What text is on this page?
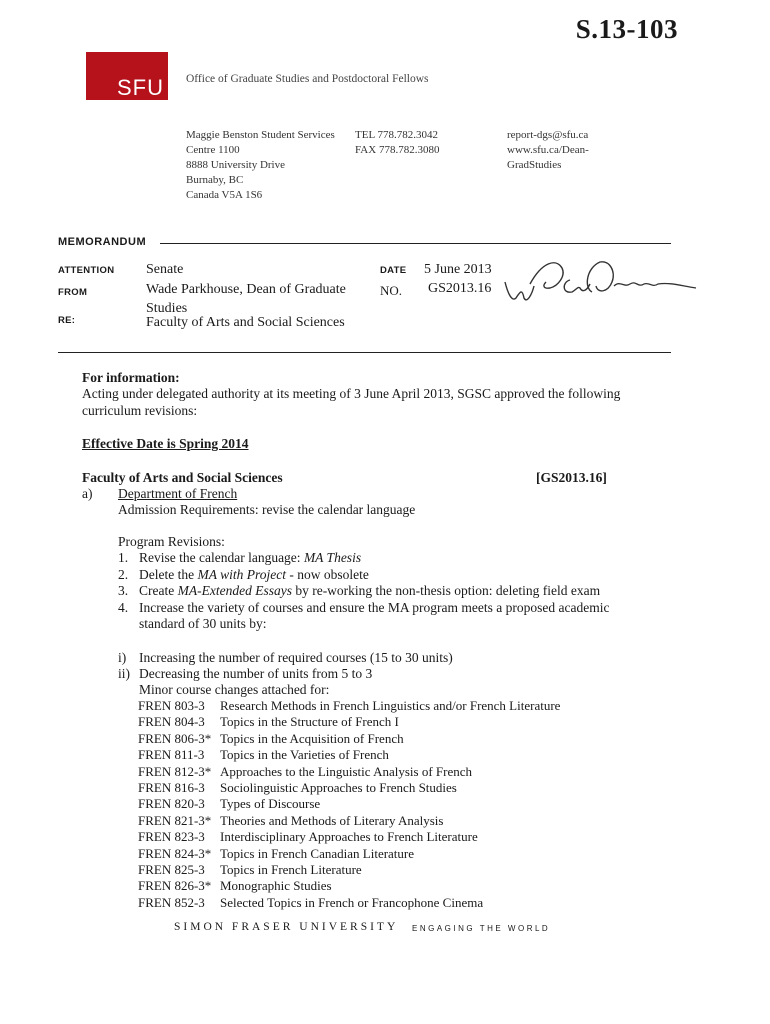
S.13-103
SFU	Office of Graduate Studies and Postdoctoral Fellows
Maggie Benston Student Services
Centre 1100
8888 University Drive
Burnaby, BC
Canada V5A 1S6
TEL 778.782.3042
FAX 778.782.3080
report-dgs@sfu.ca
www.sfu.ca/Dean-
GradStudies
MEMORANDUM
ATTENTION Senate
FROM	Wade Parkhouse, Dean of Graduate
Studies
RE:	Faculty of Arts and Social Sciences
DATE 5 June 2013
NO. GS2013.16
For information:
Acting under delegated authority at its meeting of 3 June April 2013, SGSC approved the following
curriculum revisions:
Effective Date is Spring 2014
Faculty of Arts and Social Sciences	[GS2013.16]
a) Department of French
Admission Requirements: revise the calendar language
Program Revisions:
1. Revise the calendar language: MA Thesis
2. Delete the MA with Project - now obsolete
3. Create MA-Extended Essays by re-working the non-thesis option: deleting field exam
4. Increase the variety of courses and ensure the MA program meets a proposed academic
standard of 30 units by:
i) Increasing the number of required courses (15 to 30 units)
ii) Decreasing the number of units from 5 to 3
Minor course changes attached for:
FREN 803-3 Research Methods in French Linguistics and/or French Literature
FREN 804-3 Topics in the Structure of French I
FREN 806-3* Topics in the Acquisition of French
FREN 811-3 Topics in the Varieties of French
FREN 812-3* Approaches to the Linguistic Analysis of French
FREN 816-3 Sociolinguistic Approaches to French Studies
FREN 820-3 Types of Discourse
FREN 821-3* Theories and Methods of Literary Analysis
FREN 823-3 Interdisciplinary Approaches to French Literature
FREN 824-3* Topics in French Canadian Literature
FREN 825-3 Topics in French Literature
FREN 826-3* Monographic Studies
FREN 852-3 Selected Topics in French or Francophone Cinema
SIMON FRASER UNIVERSITY ENGAGING THE WORLD
